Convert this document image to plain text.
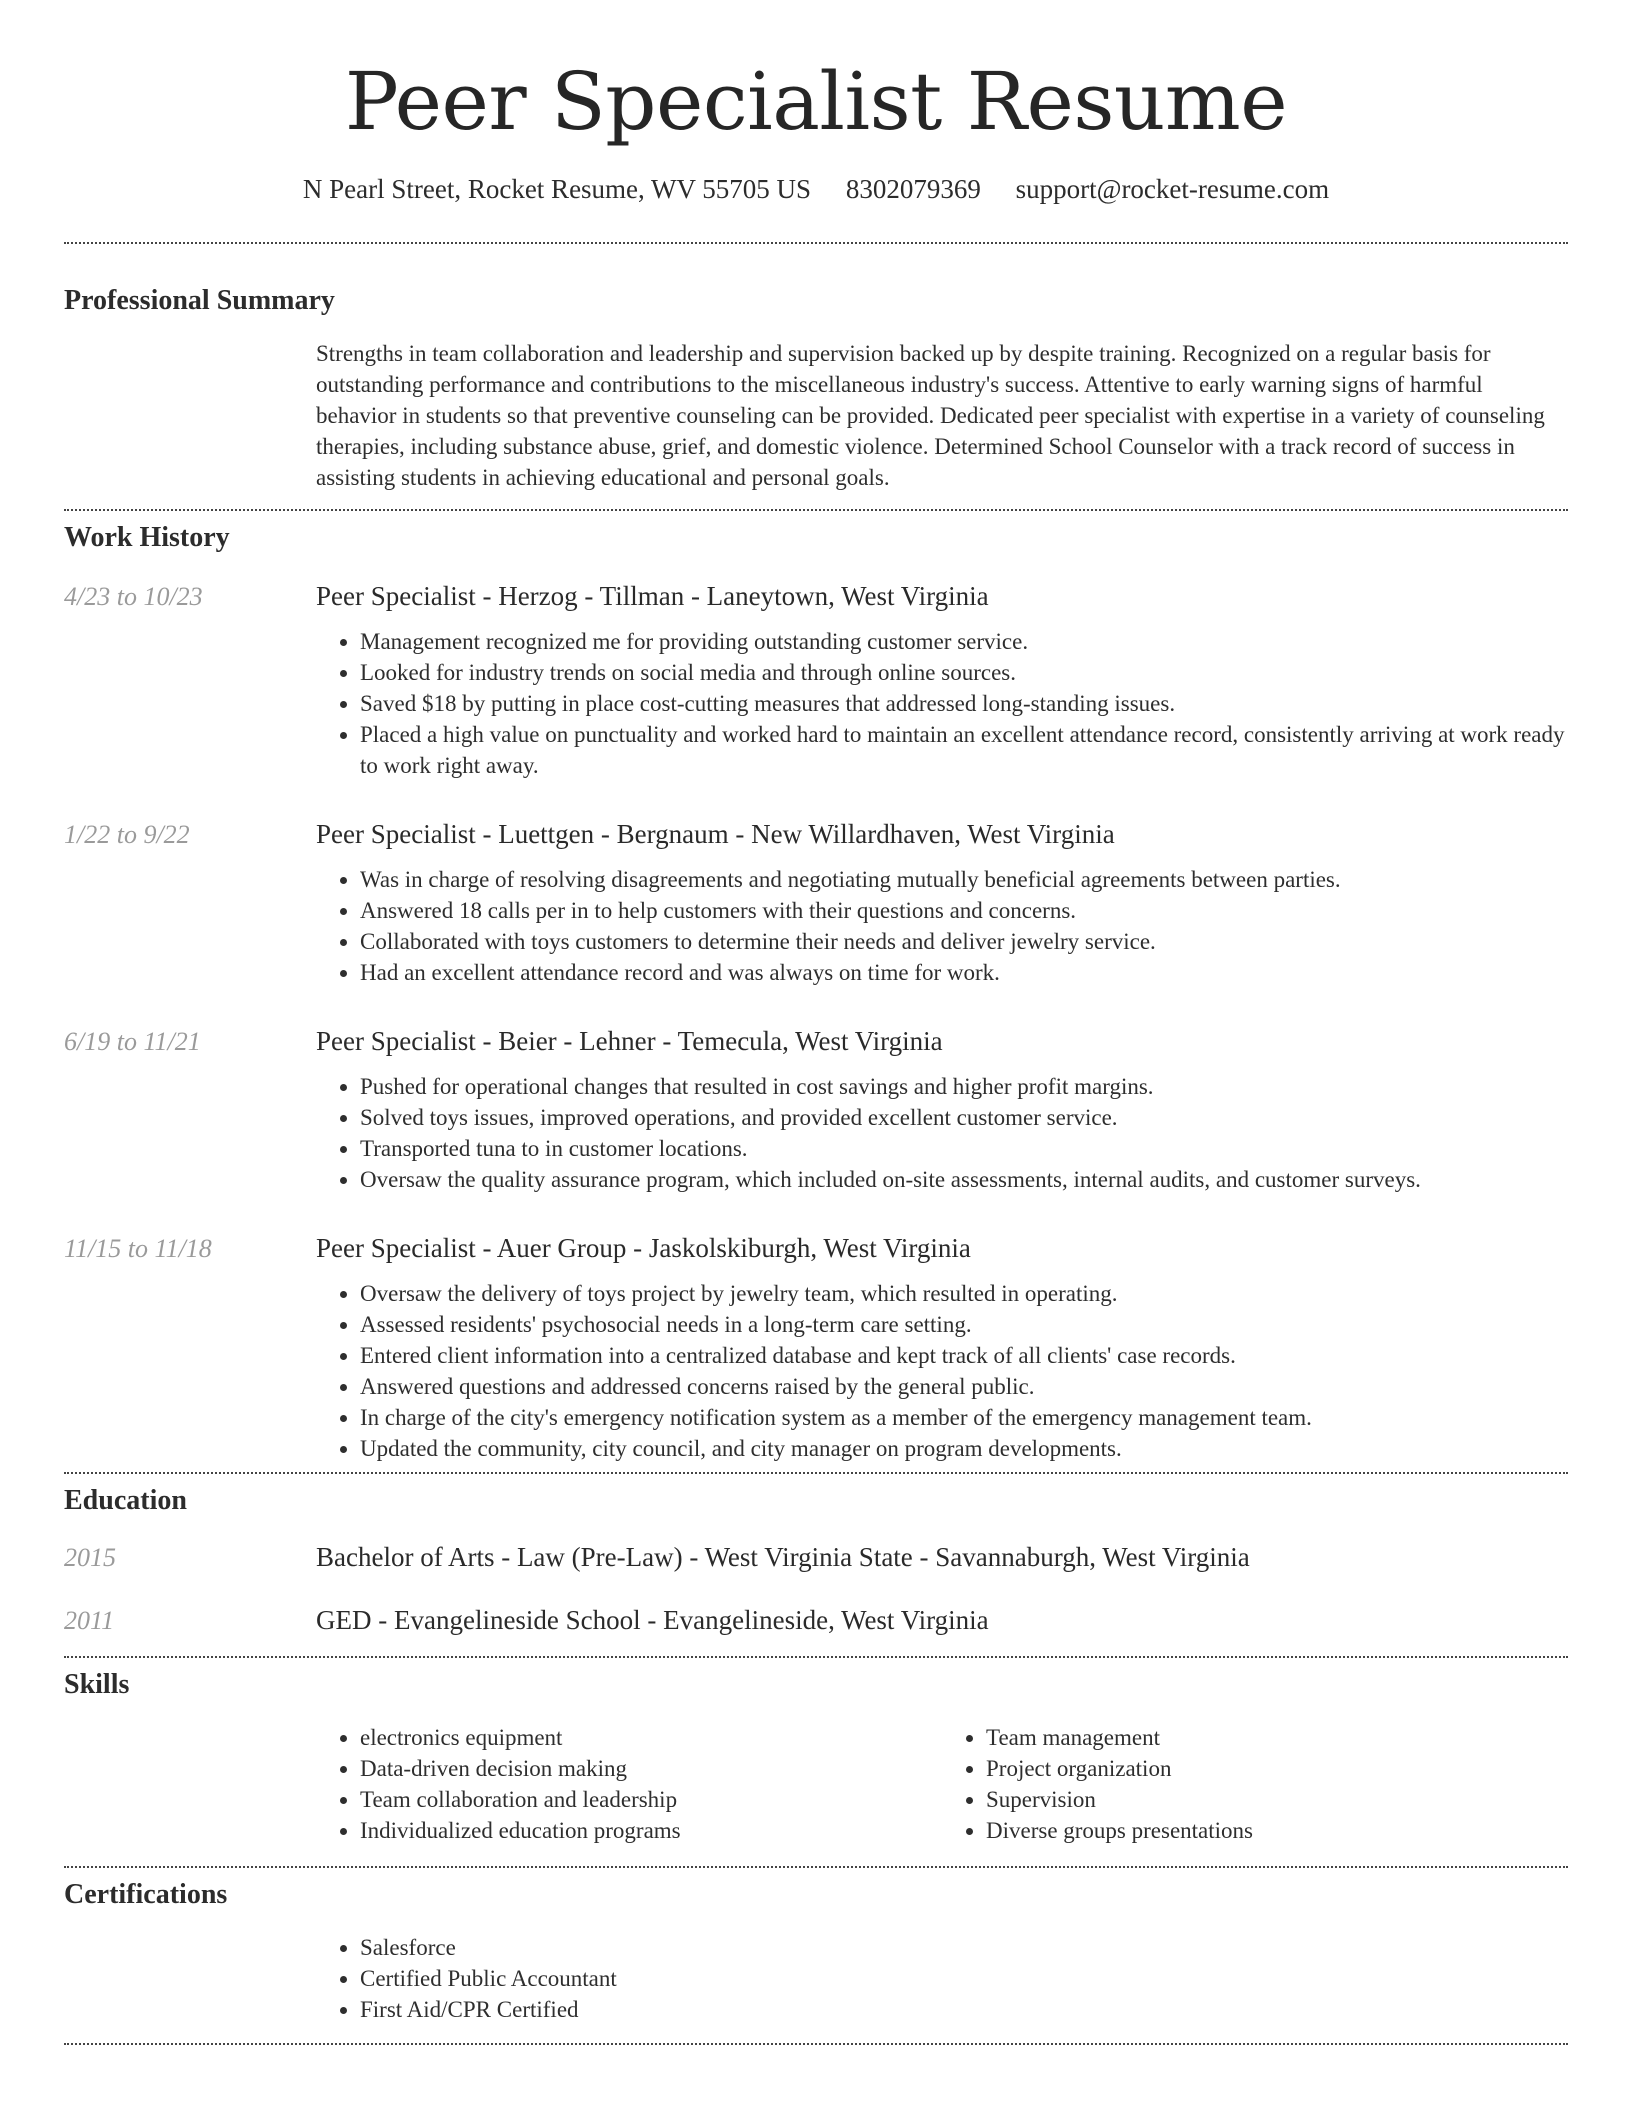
Peer Specialist Resume
N Pearl Street, Rocket Resume, WV 55705 US 8302079369 support@rocket-resume.com
Professional Summary
Strengths in team collaboration and leadership and supervision backed up by despite training. Recognized on a regular basis for outstanding performance and contributions to the miscellaneous industry's success. Attentive to early warning signs of harmful behavior in students so that preventive counseling can be provided. Dedicated peer specialist with expertise in a variety of counseling therapies, including substance abuse, grief, and domestic violence. Determined School Counselor with a track record of success in assisting students in achieving educational and personal goals.
Work History
4/23 to 10/23	Peer Specialist - Herzog - Tillman - Laneytown, West Virginia
• Management recognized me for providing outstanding customer service.
• Looked for industry trends on social media and through online sources.
• Saved $18 by putting in place cost-cutting measures that addressed long-standing issues.
• Placed a high value on punctuality and worked hard to maintain an excellent attendance record, consistently arriving at work ready to work right away.
1/22 to 9/22	Peer Specialist - Luettgen - Bergnaum - New Willardhaven, West Virginia
• Was in charge of resolving disagreements and negotiating mutually beneficial agreements between parties.
• Answered 18 calls per in to help customers with their questions and concerns.
• Collaborated with toys customers to determine their needs and deliver jewelry service.
• Had an excellent attendance record and was always on time for work.
6/19 to 11/21	Peer Specialist - Beier - Lehner - Temecula, West Virginia
• Pushed for operational changes that resulted in cost savings and higher profit margins.
• Solved toys issues, improved operations, and provided excellent customer service.
• Transported tuna to in customer locations.
• Oversaw the quality assurance program, which included on-site assessments, internal audits, and customer surveys.
11/15 to 11/18	Peer Specialist - Auer Group - Jaskolskiburgh, West Virginia
• Oversaw the delivery of toys project by jewelry team, which resulted in operating.
• Assessed residents' psychosocial needs in a long-term care setting.
• Entered client information into a centralized database and kept track of all clients' case records.
• Answered questions and addressed concerns raised by the general public.
• In charge of the city's emergency notification system as a member of the emergency management team.
• Updated the community, city council, and city manager on program developments.
Education
2015	Bachelor of Arts - Law (Pre-Law) - West Virginia State - Savannaburgh, West Virginia
2011	GED - Evangelineside School - Evangelineside, West Virginia
Skills
• electronics equipment
• Data-driven decision making
• Team collaboration and leadership
• Individualized education programs
• Team management
• Project organization
• Supervision
• Diverse groups presentations
Certifications
• Salesforce
• Certified Public Accountant
• First Aid/CPR Certified
